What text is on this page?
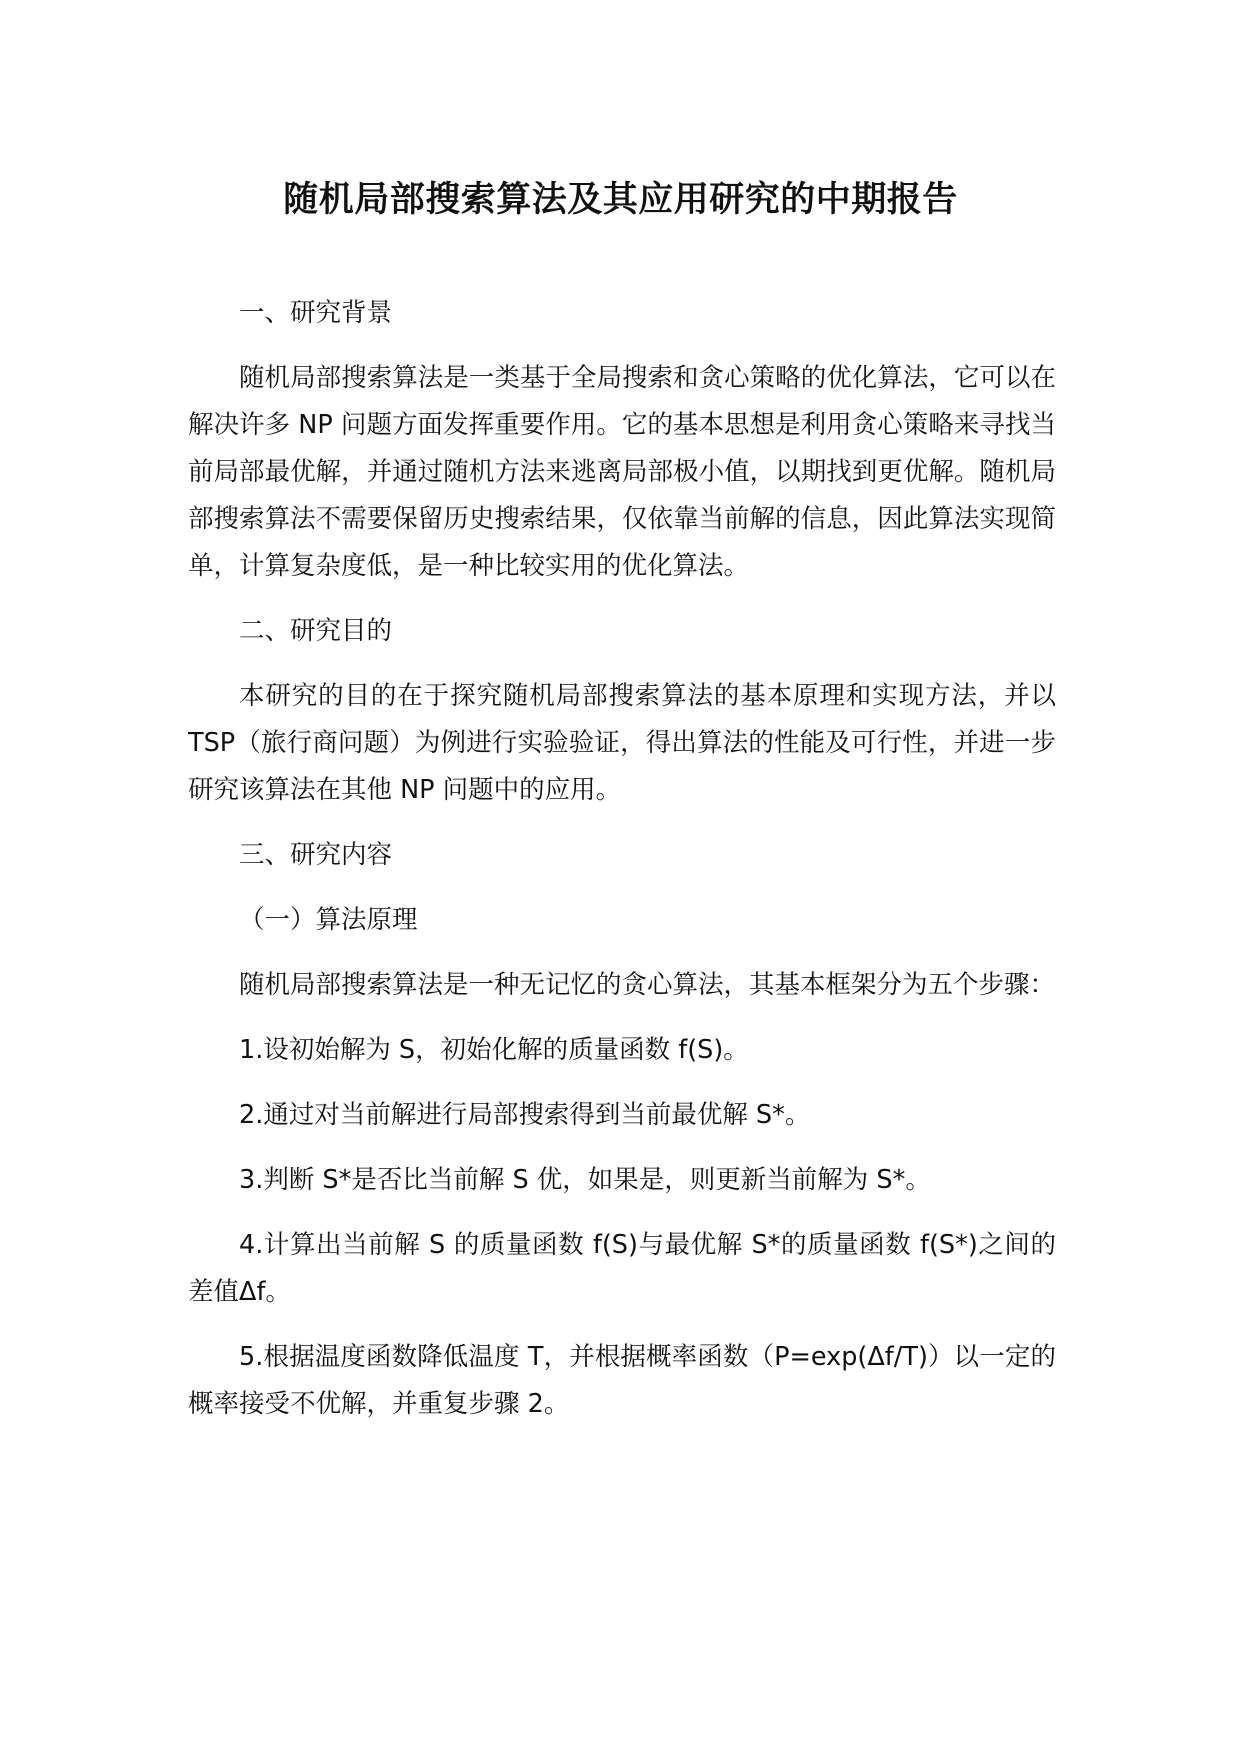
随机局部搜索算法及其应用研究的中期报告

一、研究背景

随机局部搜索算法是一类基于全局搜索和贪心策略的优化算法，它可以在解决许多 NP 问题方面发挥重要作用。它的基本思想是利用贪心策略来寻找当前局部最优解，并通过随机方法来逃离局部极小值，以期找到更优解。随机局部搜索算法不需要保留历史搜索结果，仅依靠当前解的信息，因此算法实现简单，计算复杂度低，是一种比较实用的优化算法。

二、研究目的

本研究的目的在于探究随机局部搜索算法的基本原理和实现方法，并以 TSP（旅行商问题）为例进行实验验证，得出算法的性能及可行性，并进一步研究该算法在其他 NP 问题中的应用。

三、研究内容

（一）算法原理

随机局部搜索算法是一种无记忆的贪心算法，其基本框架分为五个步骤：

1.设初始解为 S，初始化解的质量函数 f(S)。

2.通过对当前解进行局部搜索得到当前最优解 S*。

3.判断 S*是否比当前解 S 优，如果是，则更新当前解为 S*。

4.计算出当前解 S 的质量函数 f(S)与最优解 S*的质量函数 f(S*)之间的差值Δf。

5.根据温度函数降低温度 T，并根据概率函数（P=exp(Δf/T)）以一定的概率接受不优解，并重复步骤 2。
